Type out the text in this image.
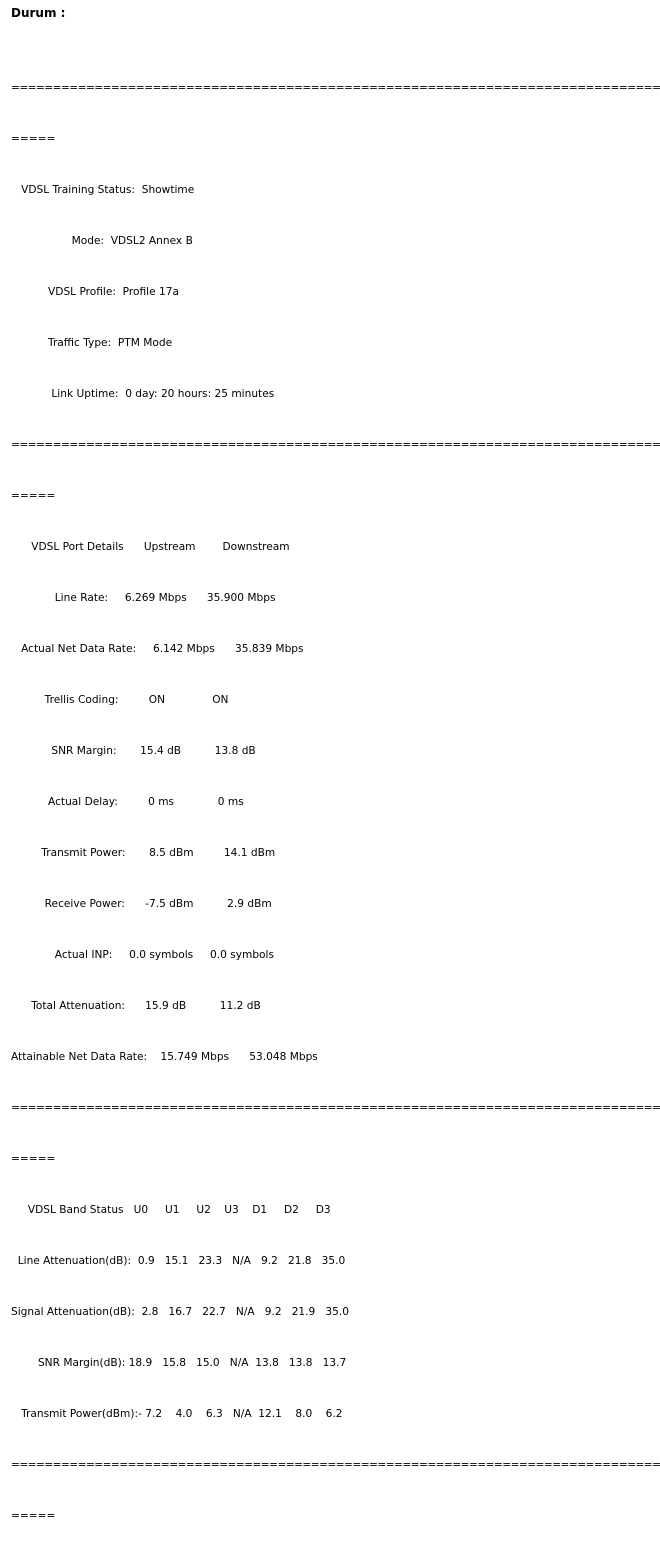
Durum :

==============================================================================

=====

VDSL Training Status:  Showtime

Mode:  VDSL2 Annex B

VDSL Profile:  Profile 17a

Traffic Type:  PTM Mode

Link Uptime:  0 day: 20 hours: 25 minutes

==============================================================================

=====

VDSL Port Details      Upstream        Downstream

Line Rate:     6.269 Mbps      35.900 Mbps

Actual Net Data Rate:     6.142 Mbps      35.839 Mbps

Trellis Coding:         ON              ON

SNR Margin:       15.4 dB          13.8 dB

Actual Delay:         0 ms             0 ms

Transmit Power:       8.5 dBm         14.1 dBm

Receive Power:      -7.5 dBm          2.9 dBm

Actual INP:     0.0 symbols     0.0 symbols

Total Attenuation:      15.9 dB          11.2 dB

Attainable Net Data Rate:    15.749 Mbps      53.048 Mbps

==============================================================================

=====

VDSL Band Status   U0     U1     U2    U3    D1     D2     D3

Line Attenuation(dB):  0.9   15.1   23.3   N/A   9.2   21.8   35.0

Signal Attenuation(dB):  2.8   16.7   22.7   N/A   9.2   21.9   35.0

SNR Margin(dB): 18.9   15.8   15.0   N/A  13.8   13.8   13.7

Transmit Power(dBm):- 7.2    4.0    6.3   N/A  12.1    8.0    6.2

==============================================================================

=====
